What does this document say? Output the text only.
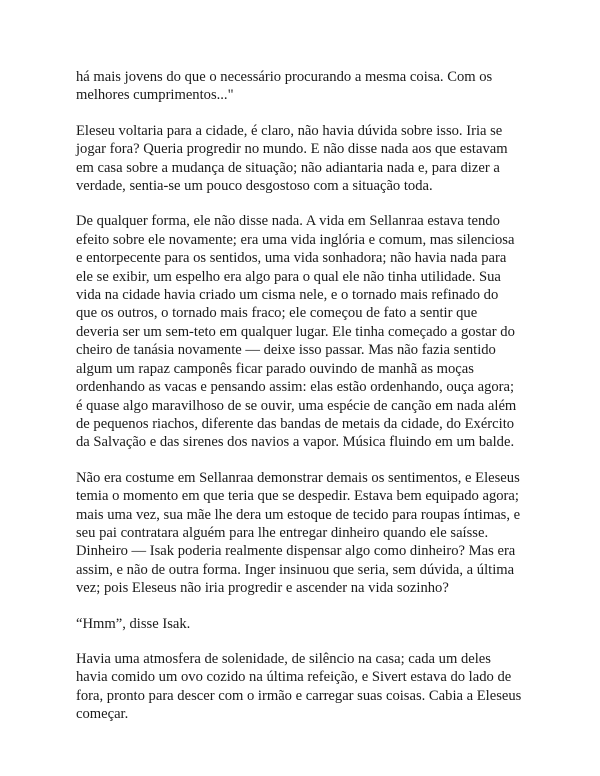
há mais jovens do que o necessário procurando a mesma coisa. Com os
melhores cumprimentos..."

Eleseu voltaria para a cidade, é claro, não havia dúvida sobre isso. Iria se
jogar fora? Queria progredir no mundo. E não disse nada aos que estavam
em casa sobre a mudança de situação; não adiantaria nada e, para dizer a
verdade, sentia-se um pouco desgostoso com a situação toda.

De qualquer forma, ele não disse nada. A vida em Sellanraa estava tendo
efeito sobre ele novamente; era uma vida inglória e comum, mas silenciosa
e entorpecente para os sentidos, uma vida sonhadora; não havia nada para
ele se exibir, um espelho era algo para o qual ele não tinha utilidade. Sua
vida na cidade havia criado um cisma nele, e o tornado mais refinado do
que os outros, o tornado mais fraco; ele começou de fato a sentir que
deveria ser um sem-teto em qualquer lugar. Ele tinha começado a gostar do
cheiro de tanásia novamente — deixe isso passar. Mas não fazia sentido
algum um rapaz camponês ficar parado ouvindo de manhã as moças
ordenhando as vacas e pensando assim: elas estão ordenhando, ouça agora;
é quase algo maravilhoso de se ouvir, uma espécie de canção em nada além
de pequenos riachos, diferente das bandas de metais da cidade, do Exército
da Salvação e das sirenes dos navios a vapor. Música fluindo em um balde.

Não era costume em Sellanraa demonstrar demais os sentimentos, e Eleseus
temia o momento em que teria que se despedir. Estava bem equipado agora;
mais uma vez, sua mãe lhe dera um estoque de tecido para roupas íntimas, e
seu pai contratara alguém para lhe entregar dinheiro quando ele saísse.
Dinheiro — Isak poderia realmente dispensar algo como dinheiro? Mas era
assim, e não de outra forma. Inger insinuou que seria, sem dúvida, a última
vez; pois Eleseus não iria progredir e ascender na vida sozinho?

“Hmm”, disse Isak.

Havia uma atmosfera de solenidade, de silêncio na casa; cada um deles
havia comido um ovo cozido na última refeição, e Sivert estava do lado de
fora, pronto para descer com o irmão e carregar suas coisas. Cabia a Eleseus
começar.
